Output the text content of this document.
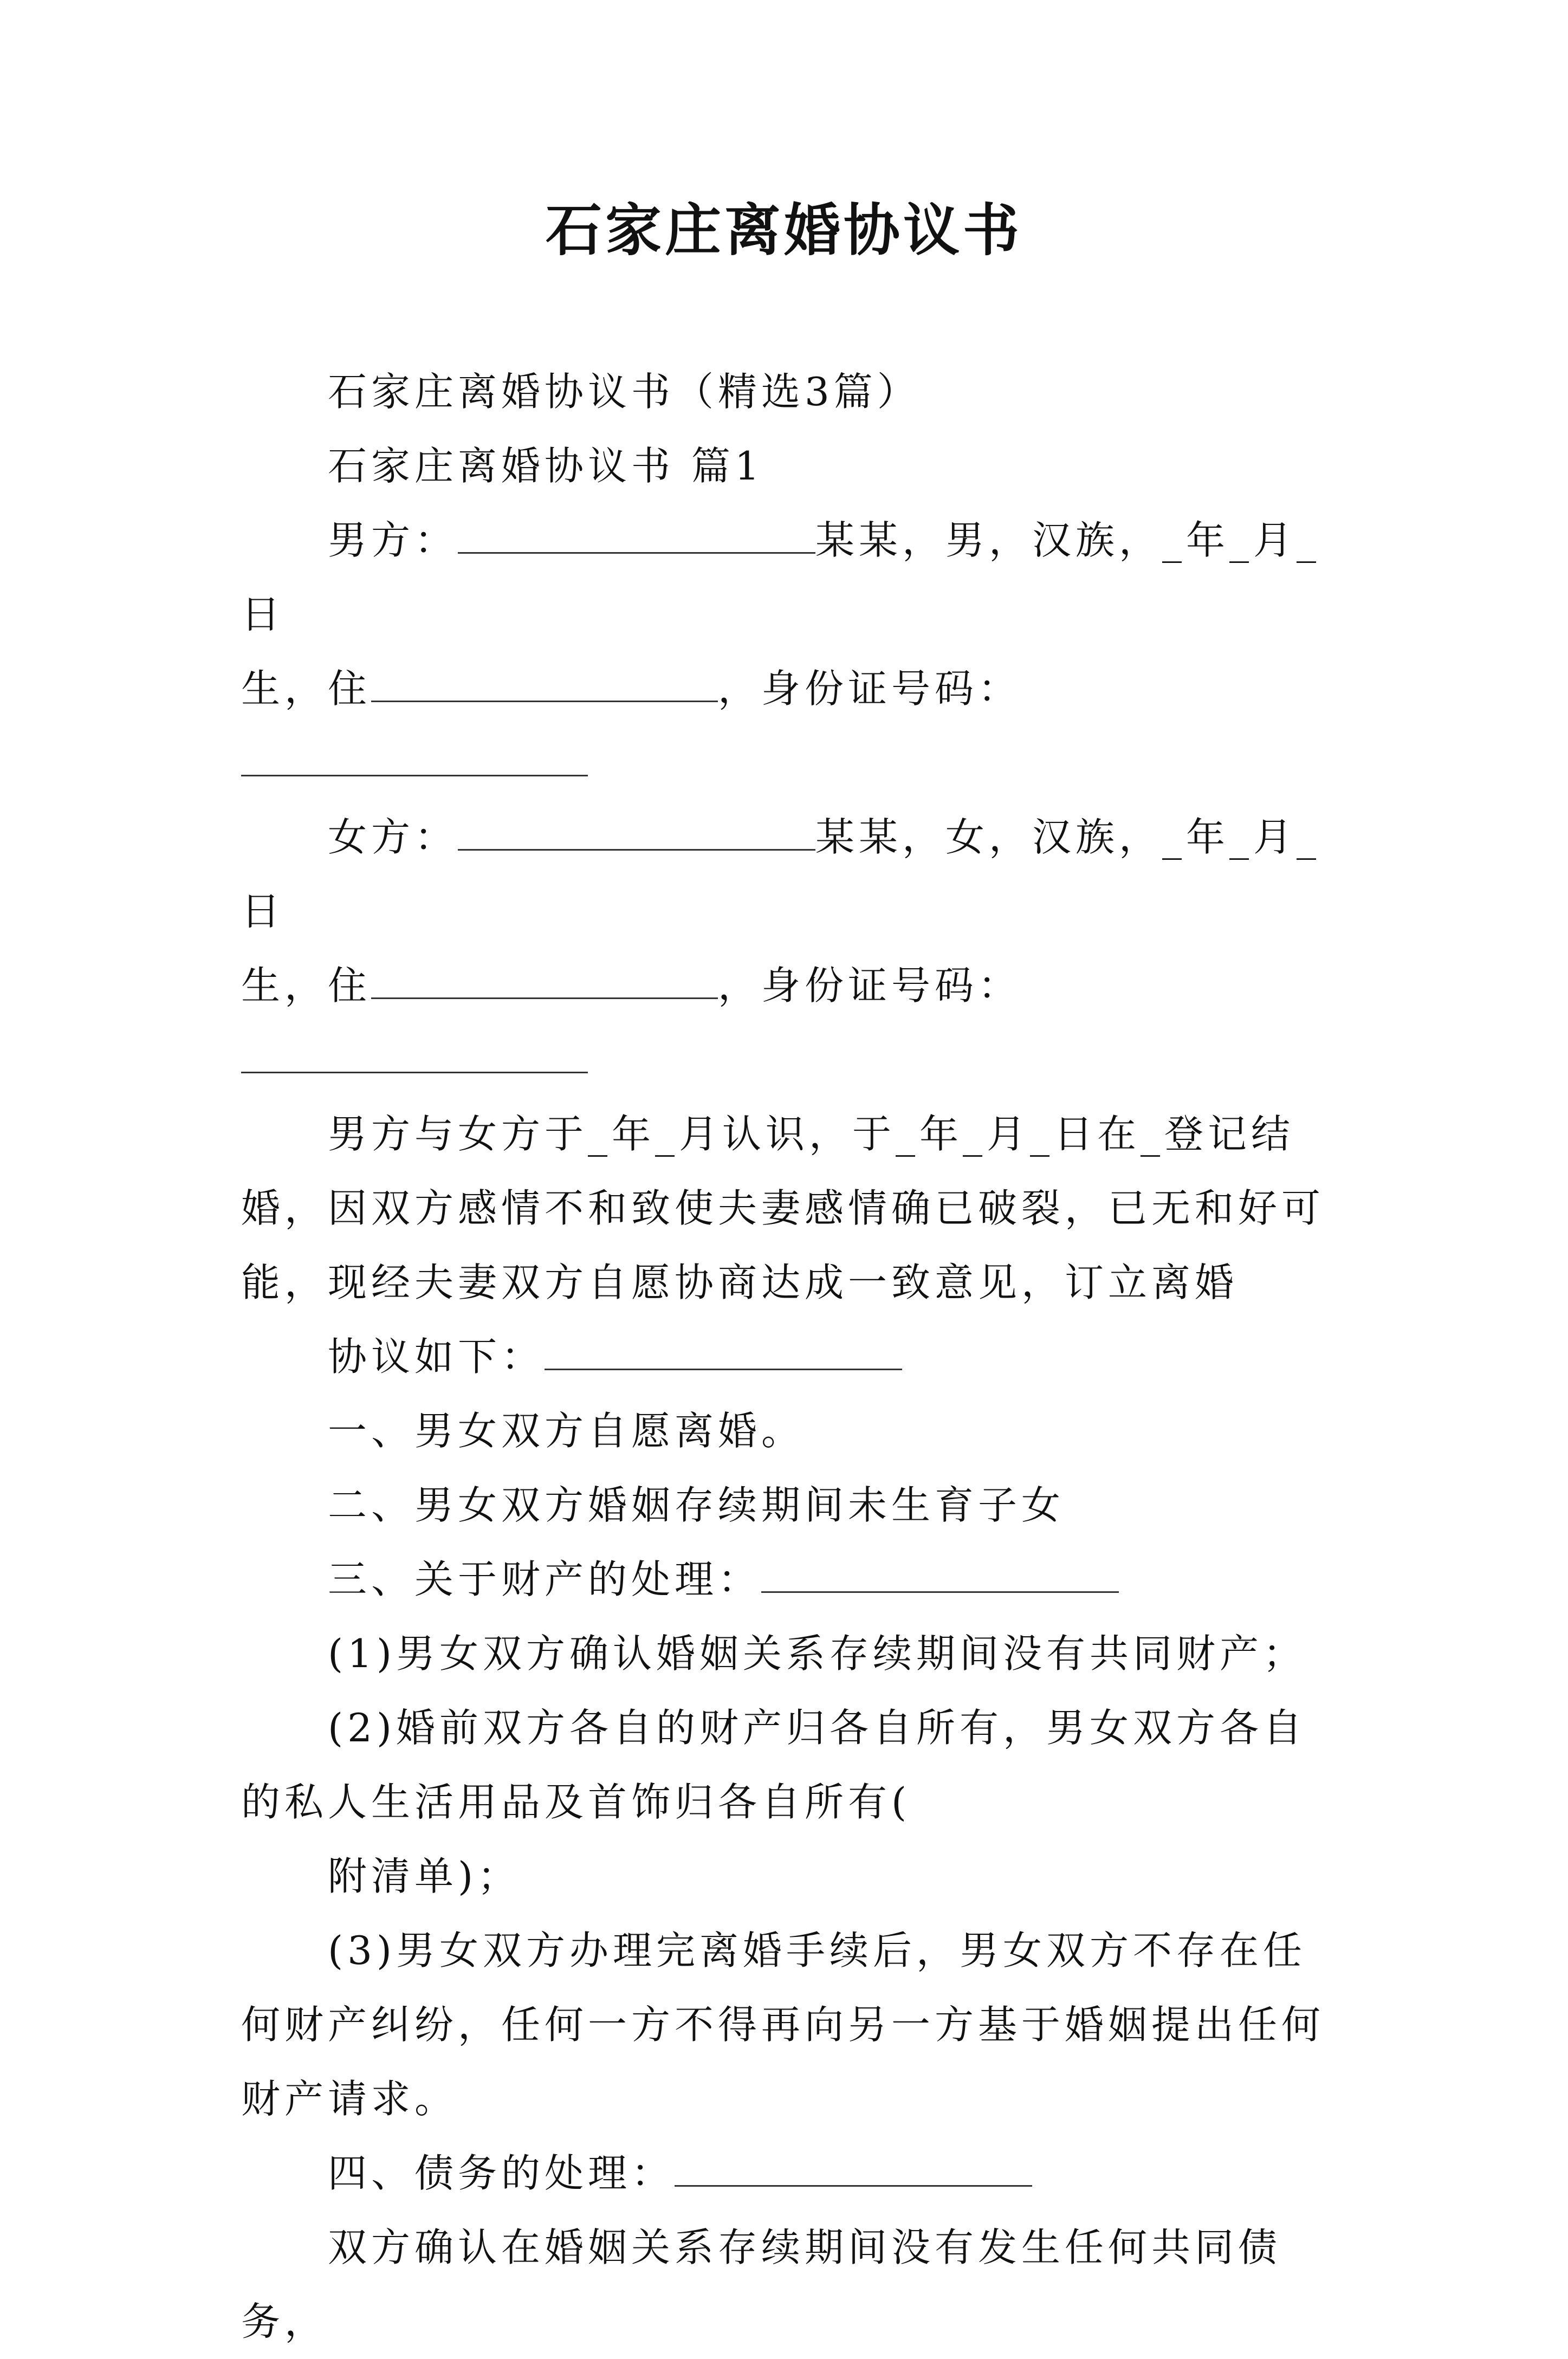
石家庄离婚协议书

石家庄离婚协议书（精选3篇）

石家庄离婚协议书 篇1

男方：	某某，男，汉族，_年_月_日

生，住	，身份证号码：

女方：	某某，女，汉族，_年_月_日

生，住	，身份证号码：

男方与女方于_年_月认识，于_年_月_日在_登记结婚，因双方感情不和致使夫妻感情确已破裂，已无和好可能，现经夫妻双方自愿协商达成一致意见，订立离婚

协议如下：

一、男女双方自愿离婚。

二、男女双方婚姻存续期间未生育子女

三、关于财产的处理：

(1)男女双方确认婚姻关系存续期间没有共同财产；

(2)婚前双方各自的财产归各自所有，男女双方各自的私人生活用品及首饰归各自所有(

附清单)；

(3)男女双方办理完离婚手续后，男女双方不存在任何财产纠纷，任何一方不得再向另一方基于婚姻提出任何财产请求。

四、债务的处理：

双方确认在婚姻关系存续期间没有发生任何共同债务，
